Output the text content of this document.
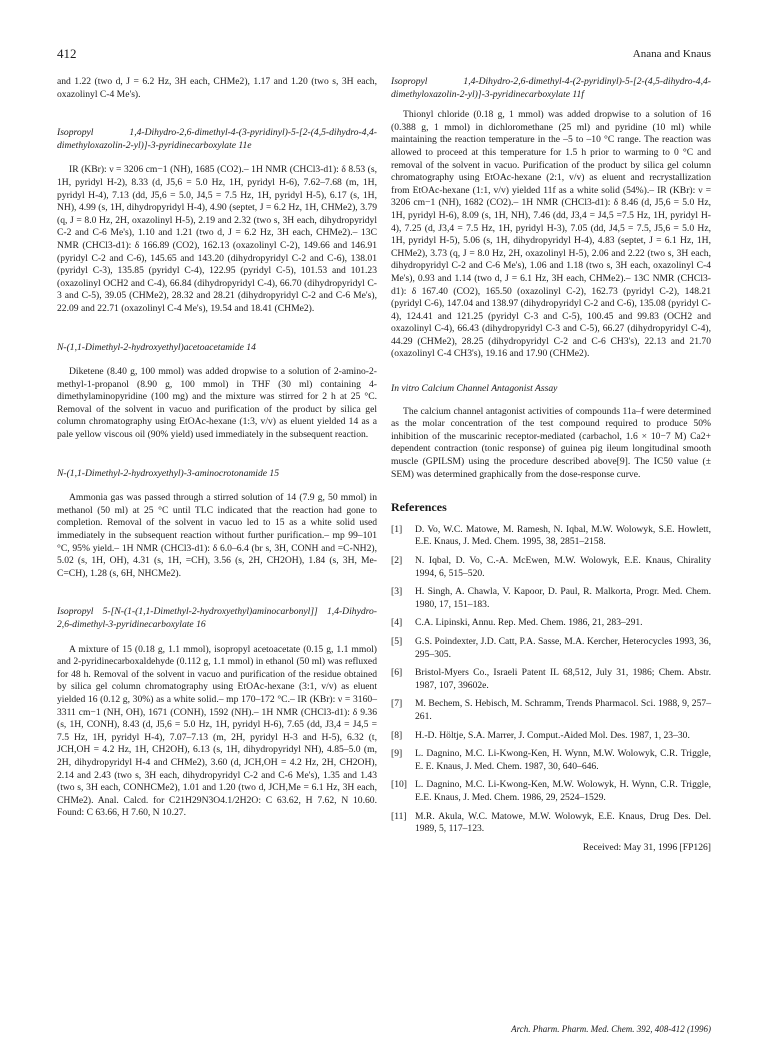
412	Anana and Knaus

and 1.22 (two d, J = 6.2 Hz, 3H each, CHMe2), 1.17 and 1.20 (two s, 3H each, oxazolinyl C-4 Me's).

Isopropyl 1,4-Dihydro-2,6-dimethyl-4-(3-pyridinyl)-5-[2-(4,5-dihydro-4,4-dimethyloxazolin-2-yl)]-3-pyridinecarboxylate 11e

IR (KBr): ν = 3206 cm−1 (NH), 1685 (CO2).– 1H NMR (CHCl3-d1): δ 8.53 (s, 1H, pyridyl H-2), 8.33 (d, J5,6 = 5.0 Hz, 1H, pyridyl H-6), 7.62–7.68 (m, 1H, pyridyl H-4), 7.13 (dd, J5,6 = 5.0, J4,5 = 7.5 Hz, 1H, pyridyl H-5), 6.17 (s, 1H, NH), 4.99 (s, 1H, dihydropyridyl H-4), 4.90 (septet, J = 6.2 Hz, 1H, CHMe2), 3.79 (q, J = 8.0 Hz, 2H, oxazolinyl H-5), 2.19 and 2.32 (two s, 3H each, dihydropyridyl C-2 and C-6 Me's), 1.10 and 1.21 (two d, J = 6.2 Hz, 3H each, CHMe2).– 13C NMR (CHCl3-d1): δ 166.89 (CO2), 162.13 (oxazolinyl C-2), 149.66 and 146.91 (pyridyl C-2 and C-6), 145.65 and 143.20 (dihydropyridyl C-2 and C-6), 138.01 (pyridyl C-3), 135.85 (pyridyl C-4), 122.95 (pyridyl C-5), 101.53 and 101.23 (oxazolinyl OCH2 and C-4), 66.84 (dihydropyridyl C-4), 66.70 (dihydropyridyl C-3 and C-5), 39.05 (CHMe2), 28.32 and 28.21 (dihydropyridyl C-2 and C-6 Me's), 22.09 and 22.71 (oxazolinyl C-4 Me's), 19.54 and 18.41 (CHMe2).

N-(1,1-Dimethyl-2-hydroxyethyl)acetoacetamide 14

Diketene (8.40 g, 100 mmol) was added dropwise to a solution of 2-amino-2-methyl-1-propanol (8.90 g, 100 mmol) in THF (30 ml) containing 4-dimethylaminopyridine (100 mg) and the mixture was stirred for 2 h at 25 °C. Removal of the solvent in vacuo and purification of the product by silica gel column chromatography using EtOAc-hexane (1:3, v/v) as eluent yielded 14 as a pale yellow viscous oil (90% yield) used immediately in the subsequent reaction.

N-(1,1-Dimethyl-2-hydroxyethyl)-3-aminocrotonamide 15

Ammonia gas was passed through a stirred solution of 14 (7.9 g, 50 mmol) in methanol (50 ml) at 25 °C until TLC indicated that the reaction had gone to completion. Removal of the solvent in vacuo led to 15 as a white solid used immediately in the subsequent reaction without further purification.– mp 99–101 °C, 95% yield.– 1H NMR (CHCl3-d1): δ 6.0–6.4 (br s, 3H, CONH and =C-NH2), 5.02 (s, 1H, OH), 4.31 (s, 1H, =CH), 3.56 (s, 2H, CH2OH), 1.84 (s, 3H, Me-C=CH), 1.28 (s, 6H, NHCMe2).

Isopropyl 5-[N-(1-(1,1-Dimethyl-2-hydroxyethyl)aminocarbonyl]] 1,4-Dihydro-2,6-dimethyl-3-pyridinecarboxylate 16

A mixture of 15 (0.18 g, 1.1 mmol), isopropyl acetoacetate (0.15 g, 1.1 mmol) and 2-pyridinecarboxaldehyde (0.112 g, 1.1 mmol) in ethanol (50 ml) was refluxed for 48 h. Removal of the solvent in vacuo and purification of the residue obtained by silica gel column chromatography using EtOAc-hexane (3:1, v/v) as eluent yielded 16 (0.12 g, 30%) as a white solid.– mp 170–172 °C.– IR (KBr): ν = 3160–3311 cm−1 (NH, OH), 1671 (CONH), 1592 (NH).– 1H NMR (CHCl3-d1): δ 9.36 (s, 1H, CONH), 8.43 (d, J5,6 = 5.0 Hz, 1H, pyridyl H-6), 7.65 (dd, J3,4 = J4,5 = 7.5 Hz, 1H, pyridyl H-4), 7.07–7.13 (m, 2H, pyridyl H-3 and H-5), 6.32 (t, JCH,OH = 4.2 Hz, 1H, CH2OH), 6.13 (s, 1H, dihydropyridyl NH), 4.85–5.0 (m, 2H, dihydropyridyl H-4 and CHMe2), 3.60 (d, JCH,OH = 4.2 Hz, 2H, CH2OH), 2.14 and 2.43 (two s, 3H each, dihydropyridyl C-2 and C-6 Me's), 1.35 and 1.43 (two s, 3H each, CONHCMe2), 1.01 and 1.20 (two d, JCH,Me = 6.1 Hz, 3H each, CHMe2). Anal. Calcd. for C21H29N3O4.1/2H2O: C 63.62, H 7.62, N 10.60. Found: C 63.66, H 7.60, N 10.27.

Isopropyl 1,4-Dihydro-2,6-dimethyl-4-(2-pyridinyl)-5-[2-(4,5-dihydro-4,4-dimethyloxazolin-2-yl)]-3-pyridinecarboxylate 11f

Thionyl chloride (0.18 g, 1 mmol) was added dropwise to a solution of 16 (0.388 g, 1 mmol) in dichloromethane (25 ml) and pyridine (10 ml) while maintaining the reaction temperature in the –5 to –10 °C range. The reaction was allowed to proceed at this temperature for 1.5 h prior to warming to 0 °C and removal of the solvent in vacuo. Purification of the product by silica gel column chromatography using EtOAc-hexane (2:1, v/v) as eluent and recrystallization from EtOAc-hexane (1:1, v/v) yielded 11f as a white solid (54%).– IR (KBr): ν = 3206 cm−1 (NH), 1682 (CO2).– 1H NMR (CHCl3-d1): δ 8.46 (d, J5,6 = 5.0 Hz, 1H, pyridyl H-6), 8.09 (s, 1H, NH), 7.46 (dd, J3,4 = J4,5 =7.5 Hz, 1H, pyridyl H-4), 7.25 (d, J3,4 = 7.5 Hz, 1H, pyridyl H-3), 7.05 (dd, J4,5 = 7.5, J5,6 = 5.0 Hz, 1H, pyridyl H-5), 5.06 (s, 1H, dihydropyridyl H-4), 4.83 (septet, J = 6.1 Hz, 1H, CHMe2), 3.73 (q, J = 8.0 Hz, 2H, oxazolinyl H-5), 2.06 and 2.22 (two s, 3H each, dihydropyridyl C-2 and C-6 Me's), 1.06 and 1.18 (two s, 3H each, oxazolinyl C-4 Me's), 0.93 and 1.14 (two d, J = 6.1 Hz, 3H each, CHMe2).– 13C NMR (CHCl3-d1): δ 167.40 (CO2), 165.50 (oxazolinyl C-2), 162.73 (pyridyl C-2), 148.21 (pyridyl C-6), 147.04 and 138.97 (dihydropyridyl C-2 and C-6), 135.08 (pyridyl C-4), 124.41 and 121.25 (pyridyl C-3 and C-5), 100.45 and 99.83 (OCH2 and oxazolinyl C-4), 66.43 (dihydropyridyl C-3 and C-5), 66.27 (dihydropyridyl C-4), 44.29 (CHMe2), 28.25 (dihydropyridyl C-2 and C-6 CH3's), 22.13 and 21.70 (oxazolinyl C-4 CH3's), 19.16 and 17.90 (CHMe2).

In vitro Calcium Channel Antagonist Assay

The calcium channel antagonist activities of compounds 11a–f were determined as the molar concentration of the test compound required to produce 50% inhibition of the muscarinic receptor-mediated (carbachol, 1.6 × 10−7 M) Ca2+ dependent contraction (tonic response) of guinea pig ileum longitudinal smooth muscle (GPILSM) using the procedure described above[9]. The IC50 value (± SEM) was determined graphically from the dose-response curve.

References

[1]	D. Vo, W.C. Matowe, M. Ramesh, N. Iqbal, M.W. Wolowyk, S.E. Howlett, E.E. Knaus, J. Med. Chem. 1995, 38, 2851–2158.
[2]	N. Iqbal, D. Vo, C.-A. McEwen, M.W. Wolowyk, E.E. Knaus, Chirality 1994, 6, 515–520.
[3]	H. Singh, A. Chawla, V. Kapoor, D. Paul, R. Malkorta, Progr. Med. Chem. 1980, 17, 151–183.
[4]	C.A. Lipinski, Annu. Rep. Med. Chem. 1986, 21, 283–291.
[5]	G.S. Poindexter, J.D. Catt, P.A. Sasse, M.A. Kercher, Heterocycles 1993, 36, 295–305.
[6]	Bristol-Myers Co., Israeli Patent IL 68,512, July 31, 1986; Chem. Abstr. 1987, 107, 39602e.
[7]	M. Bechem, S. Hebisch, M. Schramm, Trends Pharmacol. Sci. 1988, 9, 257–261.
[8]	H.-D. Höltje, S.A. Marrer, J. Comput.-Aided Mol. Des. 1987, 1, 23–30.
[9]	L. Dagnino, M.C. Li-Kwong-Ken, H. Wynn, M.W. Wolowyk, C.R. Triggle, E. E. Knaus, J. Med. Chem. 1987, 30, 640–646.
[10] L. Dagnino, M.C. Li-Kwong-Ken, M.W. Wolowyk, H. Wynn, C.R. Triggle, E.E. Knaus, J. Med. Chem. 1986, 29, 2524–1529.
[11] M.R. Akula, W.C. Matowe, M.W. Wolowyk, E.E. Knaus, Drug Des. Del. 1989, 5, 117–123.

Received: May 31, 1996 [FP126]

Arch. Pharm. Pharm. Med. Chem. 392, 408-412 (1996)
